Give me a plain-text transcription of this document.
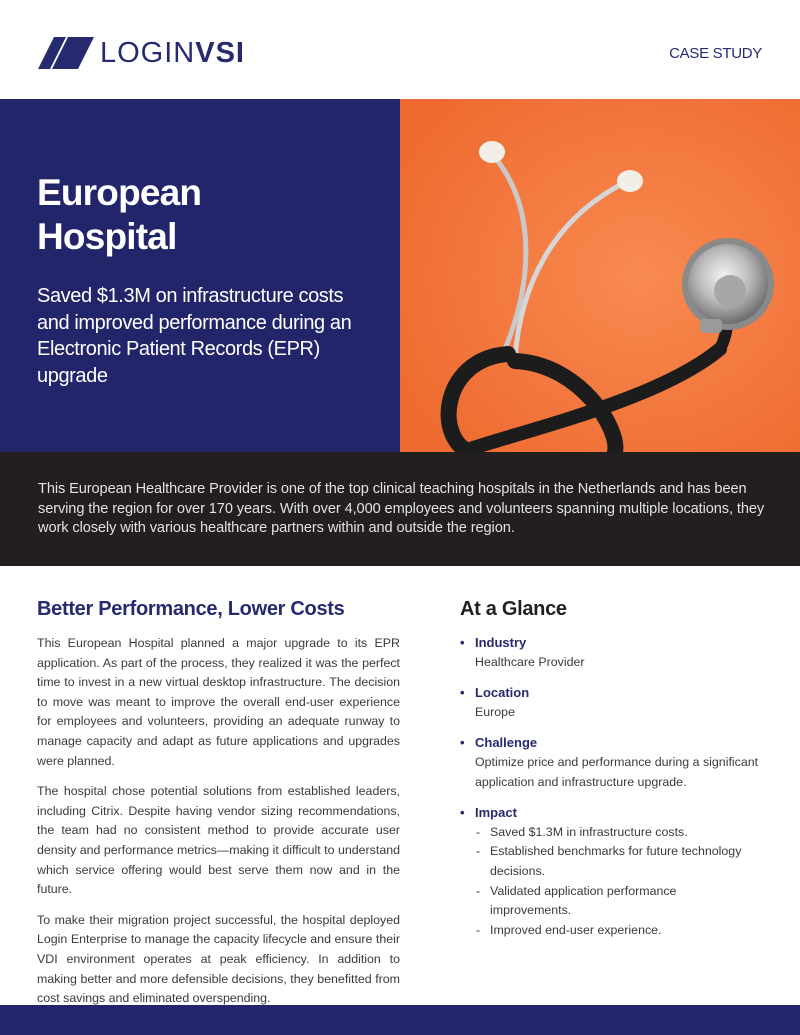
LOGINVSI	CASE STUDY
European
Hospital
Saved $1.3M on infrastructure costs and improved performance during an Electronic Patient Records (EPR) upgrade

This European Healthcare Provider is one of the top clinical teaching hospitals in the Netherlands and has been serving the region for over 170 years. With over 4,000 employees and volunteers spanning multiple locations, they work closely with various healthcare partners within and outside the region.

Better Performance, Lower Costs

This European Hospital planned a major upgrade to its EPR application. As part of the process, they realized it was the perfect time to invest in a new virtual desktop infrastructure. The decision to move was meant to improve the overall end-user experience for employees and volunteers, providing an adequate runway to manage capacity and adapt as future applications and upgrades were planned.

The hospital chose potential solutions from established leaders, including Citrix. Despite having vendor sizing recommendations, the team had no consistent method to provide accurate user density and performance metrics—making it difficult to understand which service offering would best serve them now and in the future.

To make their migration project successful, the hospital deployed Login Enterprise to manage the capacity lifecycle and ensure their VDI environment operates at peak efficiency. In addition to making better and more defensible decisions, they benefitted from cost savings and eliminated overspending.

At a Glance
• Industry
Healthcare Provider
• Location
Europe
• Challenge
Optimize price and performance during a significant application and infrastructure upgrade.
• Impact
- Saved $1.3M in infrastructure costs.
- Established benchmarks for future technology decisions.
- Validated application performance improvements.
- Improved end-user experience.
